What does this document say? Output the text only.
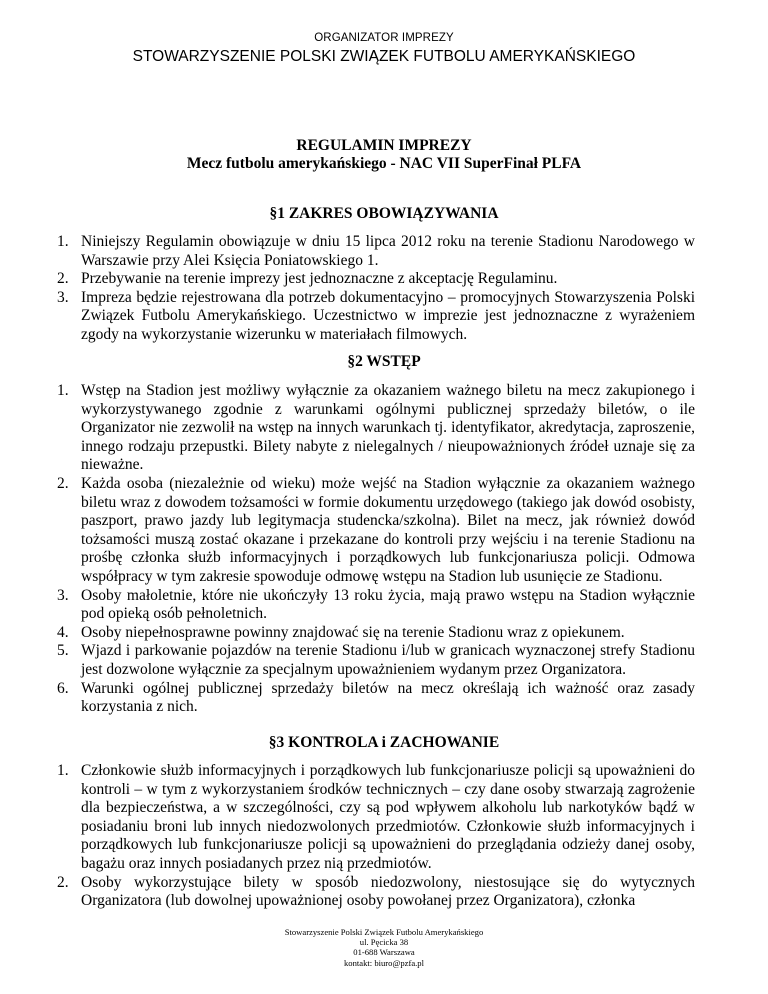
ORGANIZATOR IMPREZY
STOWARZYSZENIE POLSKI ZWIĄZEK FUTBOLU AMERYKAŃSKIEGO
REGULAMIN IMPREZY
Mecz futbolu amerykańskiego - NAC VII SuperFinał PLFA
§1 ZAKRES OBOWIĄZYWANIA
1. Niniejszy Regulamin obowiązuje w dniu 15 lipca 2012 roku na terenie Stadionu Narodowego w Warszawie przy Alei Księcia Poniatowskiego 1.
2. Przebywanie na terenie imprezy jest jednoznaczne z akceptację Regulaminu.
3. Impreza będzie rejestrowana dla potrzeb dokumentacyjno – promocyjnych Stowarzyszenia Polski Związek Futbolu Amerykańskiego. Uczestnictwo w imprezie jest jednoznaczne z wyrażeniem zgody na wykorzystanie wizerunku w materiałach filmowych.
§2 WSTĘP
1. Wstęp na Stadion jest możliwy wyłącznie za okazaniem ważnego biletu na mecz zakupionego i wykorzystywanego zgodnie z warunkami ogólnymi publicznej sprzedaży biletów, o ile Organizator nie zezwolił na wstęp na innych warunkach tj. identyfikator, akredytacja, zaproszenie, innego rodzaju przepustki. Bilety nabyte z nielegalnych / nieupoważnionych źródeł uznaje się za nieważne.
2. Każda osoba (niezależnie od wieku) może wejść na Stadion wyłącznie za okazaniem ważnego biletu wraz z dowodem tożsamości w formie dokumentu urzędowego (takiego jak dowód osobisty, paszport, prawo jazdy lub legitymacja studencka/szkolna). Bilet na mecz, jak również dowód tożsamości muszą zostać okazane i przekazane do kontroli przy wejściu i na terenie Stadionu na prośbę członka służb informacyjnych i porządkowych lub funkcjonariusza policji. Odmowa współpracy w tym zakresie spowoduje odmowę wstępu na Stadion lub usunięcie ze Stadionu.
3. Osoby małoletnie, które nie ukończyły 13 roku życia, mają prawo wstępu na Stadion wyłącznie pod opieką osób pełnoletnich.
4. Osoby niepełnosprawne powinny znajdować się na terenie Stadionu wraz z opiekunem.
5. Wjazd i parkowanie pojazdów na terenie Stadionu i/lub w granicach wyznaczonej strefy Stadionu jest dozwolone wyłącznie za specjalnym upoważnieniem wydanym przez Organizatora.
6. Warunki ogólnej publicznej sprzedaży biletów na mecz określają ich ważność oraz zasady korzystania z nich.
§3 KONTROLA i ZACHOWANIE
1. Członkowie służb informacyjnych i porządkowych lub funkcjonariusze policji są upoważnieni do kontroli – w tym z wykorzystaniem środków technicznych – czy dane osoby stwarzają zagrożenie dla bezpieczeństwa, a w szczególności, czy są pod wpływem alkoholu lub narkotyków bądź w posiadaniu broni lub innych niedozwolonych przedmiotów. Członkowie służb informacyjnych i porządkowych lub funkcjonariusze policji są upoważnieni do przeglądania odzieży danej osoby, bagażu oraz innych posiadanych przez nią przedmiotów.
2. Osoby wykorzystujące bilety w sposób niedozwolony, niestosujące się do wytycznych Organizatora (lub dowolnej upoważnionej osoby powołanej przez Organizatora), członka
Stowarzyszenie Polski Związek Futbolu Amerykańskiego
ul. Pęcicka 38
01-688 Warszawa
kontakt: biuro@pzfa.pl
